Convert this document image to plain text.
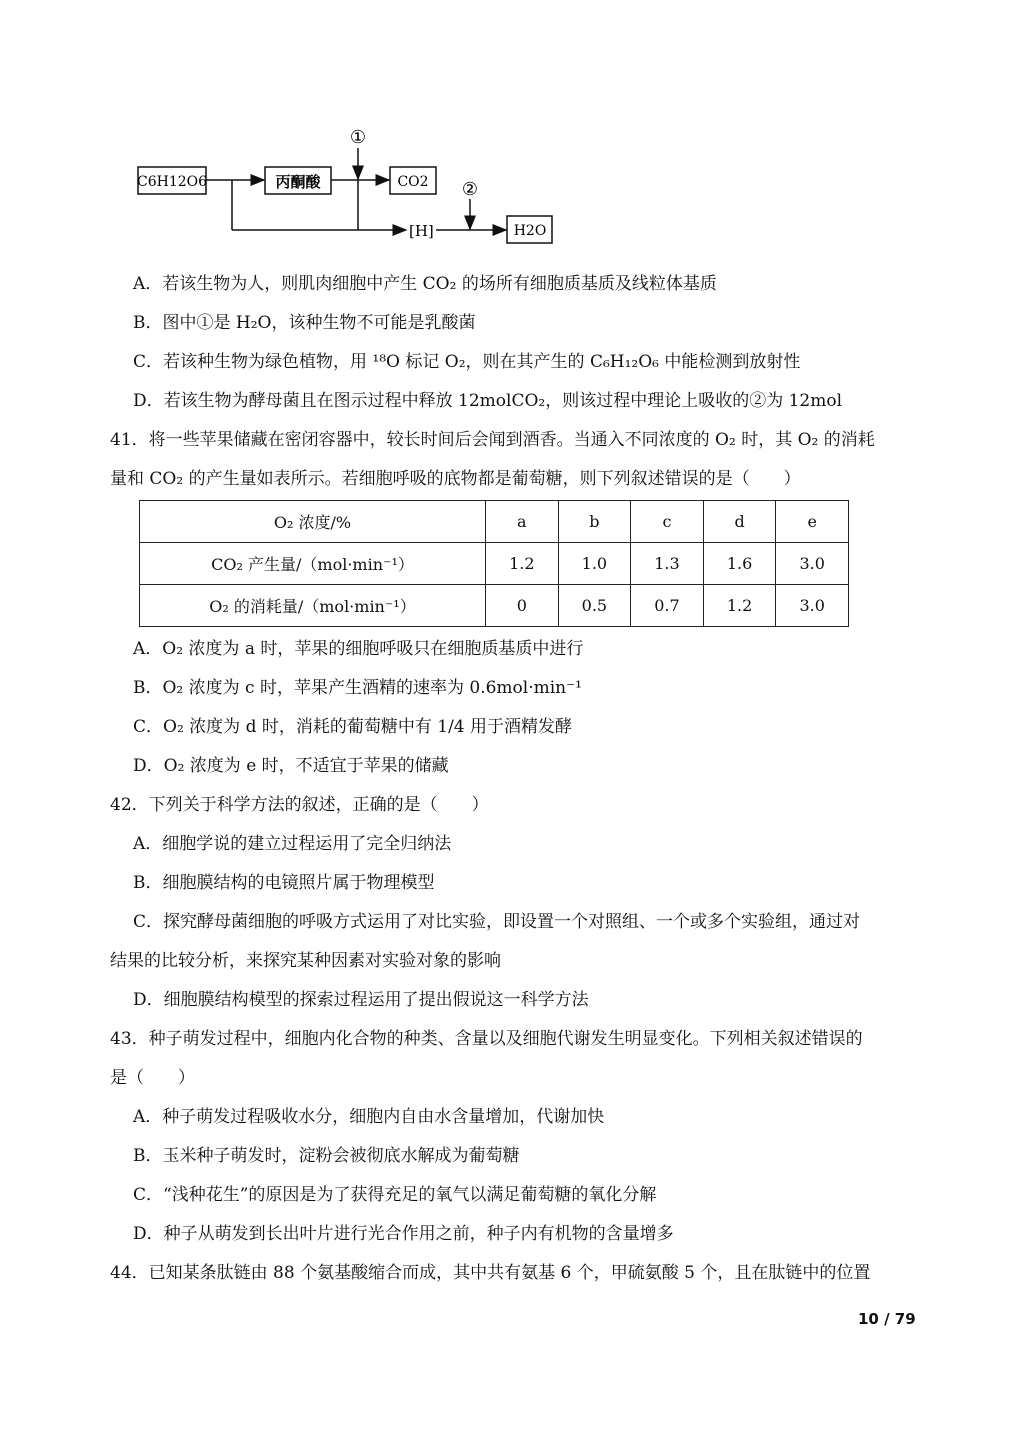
C6H12O6	丙酮酸	CO2
H2O
[H]
①
②
A．若该生物为人，则肌肉细胞中产生 CO₂ 的场所有细胞质基质及线粒体基质
B．图中①是 H₂O，该种生物不可能是乳酸菌
C．若该种生物为绿色植物，用 ¹⁸O 标记 O₂，则在其产生的 C₆H₁₂O₆ 中能检测到放射性
D．若该生物为酵母菌且在图示过程中释放 12molCO₂，则该过程中理论上吸收的②为 12mol
41．将一些苹果储藏在密闭容器中，较长时间后会闻到酒香。当通入不同浓度的 O₂ 时，其 O₂ 的消耗
量和 CO₂ 的产生量如表所示。若细胞呼吸的底物都是葡萄糖，则下列叙述错误的是（　　）
O₂ 浓度/%	a	b	c	d	e
CO₂ 产生量/（mol·min⁻¹）	1.2	1.0	1.3	1.6	3.0
O₂ 的消耗量/（mol·min⁻¹）	0	0.5	0.7	1.2	3.0
A．O₂ 浓度为 a 时，苹果的细胞呼吸只在细胞质基质中进行
B．O₂ 浓度为 c 时，苹果产生酒精的速率为 0.6mol·min⁻¹
C．O₂ 浓度为 d 时，消耗的葡萄糖中有 1/4 用于酒精发酵
D．O₂ 浓度为 e 时，不适宜于苹果的储藏
42．下列关于科学方法的叙述，正确的是（　　）
A．细胞学说的建立过程运用了完全归纳法
B．细胞膜结构的电镜照片属于物理模型
C．探究酵母菌细胞的呼吸方式运用了对比实验，即设置一个对照组、一个或多个实验组，通过对
结果的比较分析，来探究某种因素对实验对象的影响
D．细胞膜结构模型的探索过程运用了提出假说这一科学方法
43．种子萌发过程中，细胞内化合物的种类、含量以及细胞代谢发生明显变化。下列相关叙述错误的
是（　　）
A．种子萌发过程吸收水分，细胞内自由水含量增加，代谢加快
B．玉米种子萌发时，淀粉会被彻底水解成为葡萄糖
C．“浅种花生”的原因是为了获得充足的氧气以满足葡萄糖的氧化分解
D．种子从萌发到长出叶片进行光合作用之前，种子内有机物的含量增多
44．已知某条肽链由 88 个氨基酸缩合而成，其中共有氨基 6 个，甲硫氨酸 5 个，且在肽链中的位置
10 / 79
